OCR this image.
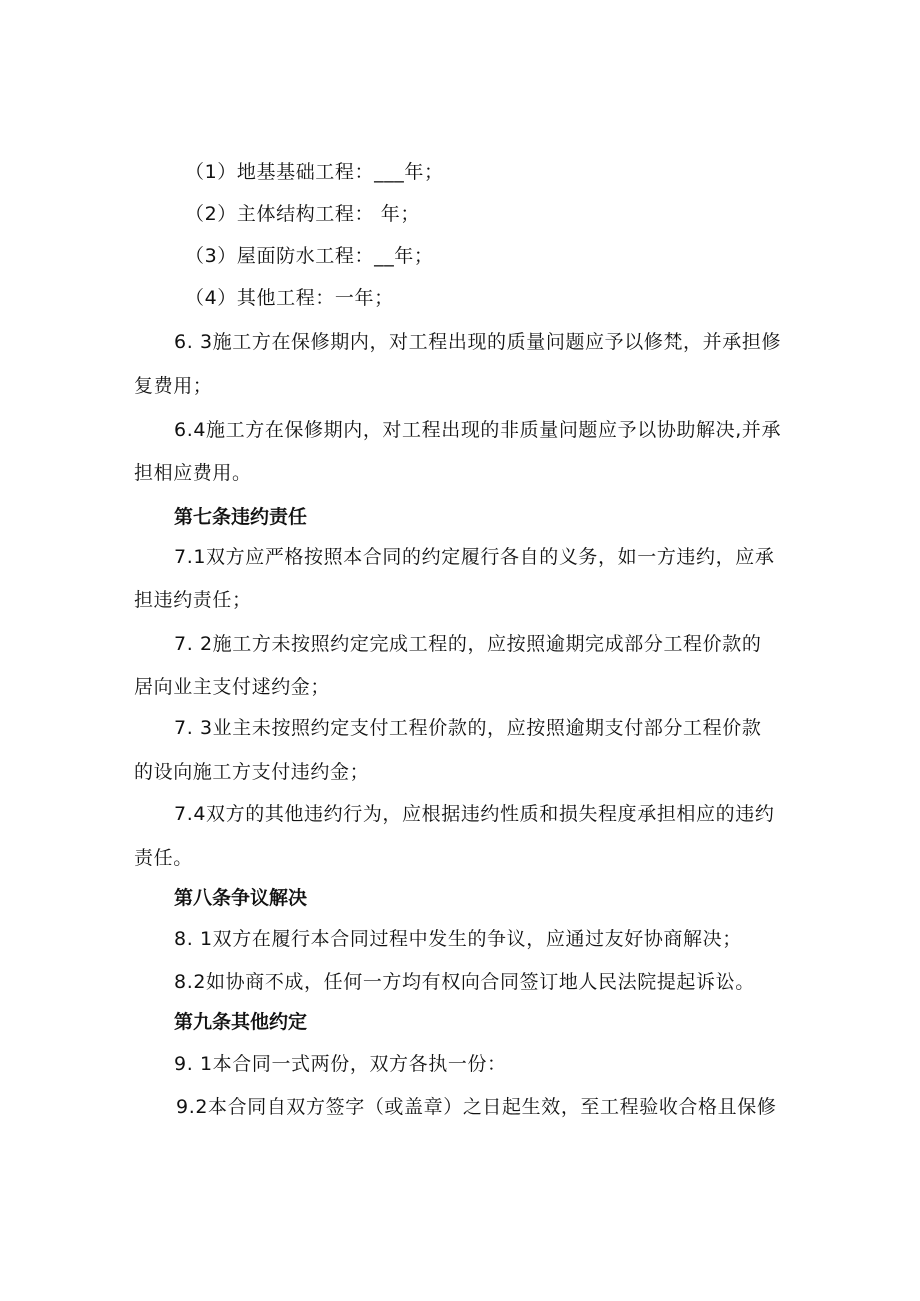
（1）地基基础工程：___年；
（2）主体结构工程： 年；
（3）屋面防水工程：__年；
（4）其他工程：一年；
6. 3施工方在保修期内，对工程出现的质量问题应予以修梵，并承担修
复费用；
6.4施工方在保修期内，对工程出现的非质量问题应予以协助解决,并承
担相应费用。
第七条违约责任
7.1双方应严格按照本合同的约定履行各自的义务，如一方违约，应承
担违约责任；
7. 2施工方未按照约定完成工程的，应按照逾期完成部分工程价款的
居向业主支付逑约金；
7. 3业主未按照约定支付工程价款的，应按照逾期支付部分工程价款
的设向施工方支付违约金；
7.4双方的其他违约行为，应根据违约性质和损失程度承担相应的违约
责任。
第八条争议解决
8. 1双方在履行本合同过程中发生的争议，应通过友好协商解决；
8.2如协商不成，任何一方均有权向合同签订地人民法院提起诉讼。
第九条其他约定
9. 1本合同一式两份，双方各执一份：
9.2本合同自双方签字（或盖章）之日起生效，至工程验收合格且保修
